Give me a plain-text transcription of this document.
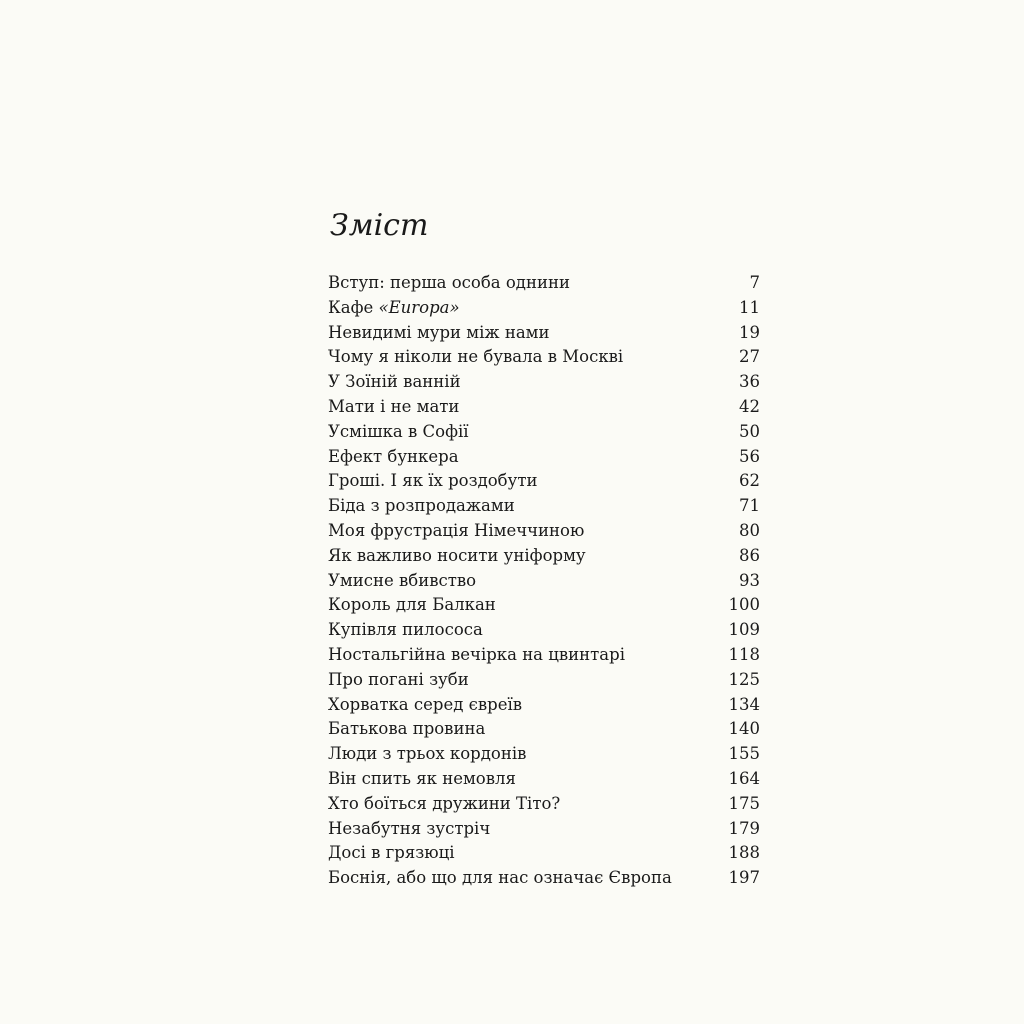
Зміст
Вступ: перша особа однини	7
Кафе «Europa»	11
Невидимі мури між нами	19
Чому я ніколи не бувала в Москві	27
У Зоїній ванній	36
Мати і не мати	42
Усмішка в Софії	50
Ефект бункера	56
Гроші. І як їх роздобути	62
Біда з розпродажами	71
Моя фрустрація Німеччиною	80
Як важливо носити уніформу	86
Умисне вбивство	93
Король для Балкан	100
Купівля пилососа	109
Ностальгійна вечірка на цвинтарі	118
Про погані зуби	125
Хорватка серед євреїв	134
Батькова провина	140
Люди з трьох кордонів	155
Він спить як немовля	164
Хто боїться дружини Тіто?	175
Незабутня зустріч	179
Досі в грязюці	188
Боснія, або що для нас означає Європа	197
